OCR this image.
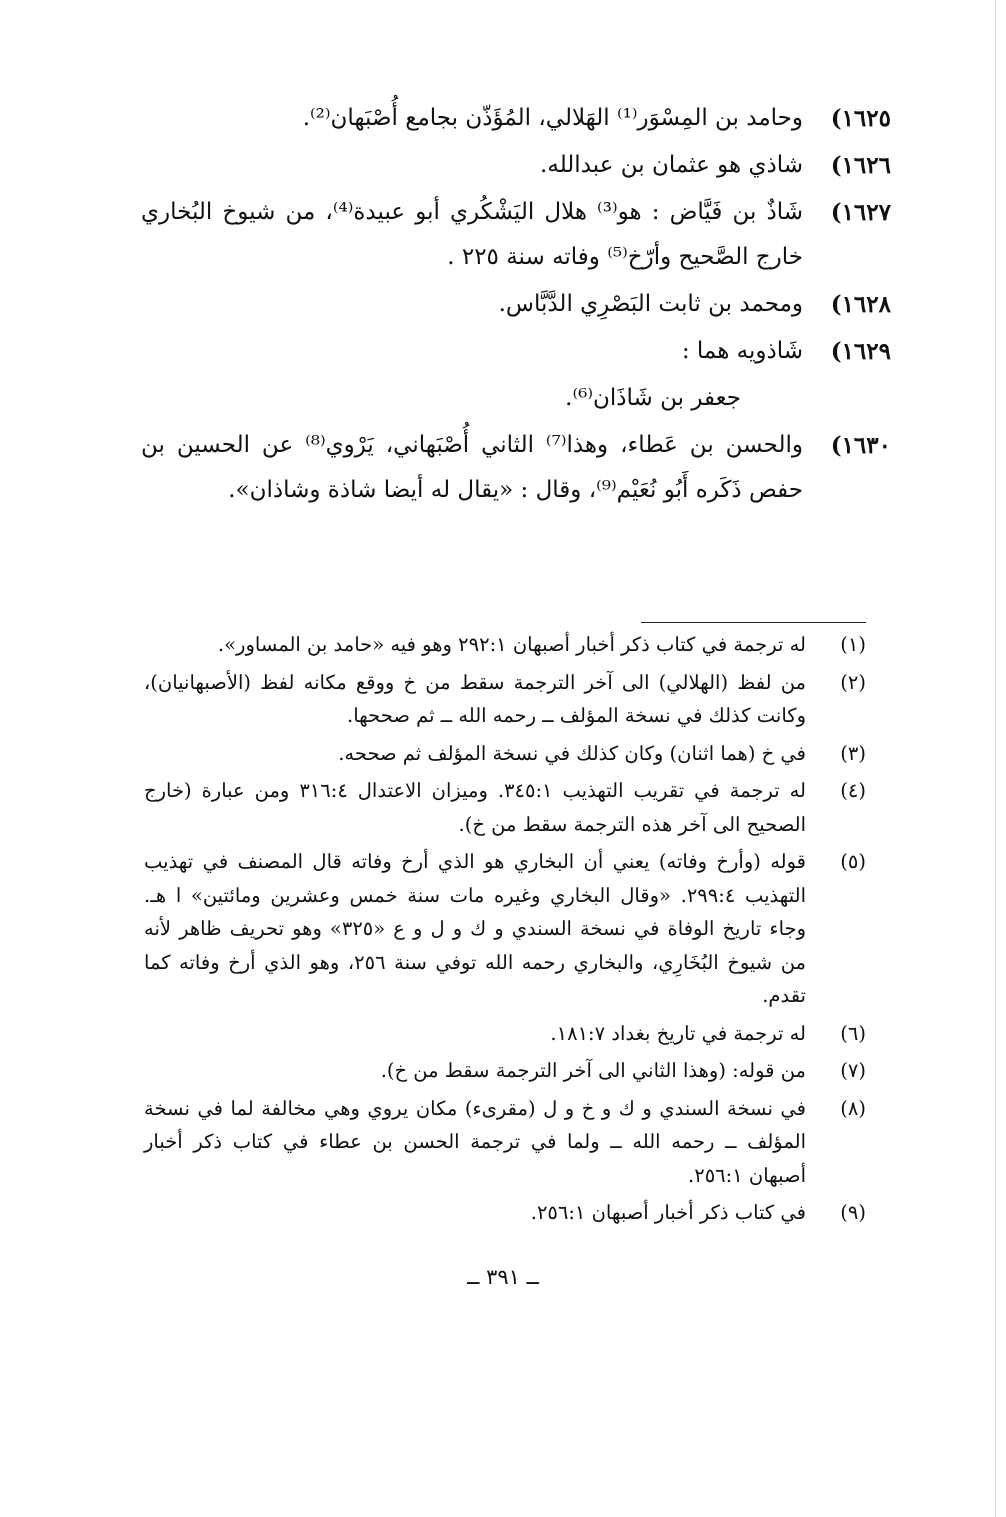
١٦٢٥)
وحامد بن المِسْوَر⁽¹⁾ الهَلالي، المُؤَذّن بجامع أُصْبَهان⁽²⁾.
١٦٢٦)
شاذي هو عثمان بن عبدالله.
١٦٢٧)
شَاذٌ بن فَيَّاض : هو⁽³⁾ هلال اليَشْكُري أبو عبيدة⁽⁴⁾، من شيوخ البُخاري خارج الصَّحيح وأرّخ⁽⁵⁾ وفاته سنة ٢٢٥ .
١٦٢٨)
ومحمد بن ثابت البَصْرِي الدَّبَّاس.
١٦٢٩)
شَاذويه هما :
جعفر بن شَاذَان⁽⁶⁾.
١٦٣٠)
والحسن بن عَطاء، وهذا⁽⁷⁾ الثاني أُصْبَهاني، يَرْوي⁽⁸⁾ عن الحسين بن حفص ذَكَره أَبُو نُعَيْم⁽⁹⁾، وقال : «يقال له أيضا شاذة وشاذان».
(١)
له ترجمة في كتاب ذكر أخبار أصبهان ٢٩٢:١ وهو فيه «حامد بن المساور».
(٢)
من لفظ (الهلالي) الى آخر الترجمة سقط من خ ووقع مكانه لفظ (الأصبهانيان)، وكانت كذلك في نسخة المؤلف ــ رحمه الله ــ ثم صححها.
(٣)
في خ (هما اثنان) وكان كذلك في نسخة المؤلف ثم صححه.
(٤)
له ترجمة في تقريب التهذيب ٣٤٥:١. وميزان الاعتدال ٣١٦:٤ ومن عبارة (خارج الصحيح الى آخر هذه الترجمة سقط من خ).
(٥)
قوله (وأرخ وفاته) يعني أن البخاري هو الذي أرخ وفاته قال المصنف في تهذيب التهذيب ٢٩٩:٤. «وقال البخاري وغيره مات سنة خمس وعشرين ومائتين» ا هـ. وجاء تاريخ الوفاة في نسخة السندي و ك و ل و ع «٣٢٥» وهو تحريف ظاهر لأنه من شيوخ البُخَارِي، والبخاري رحمه الله توفي سنة ٢٥٦، وهو الذي أرخ وفاته كما تقدم.
(٦)
له ترجمة في تاريخ بغداد ١٨١:٧.
(٧)
من قوله: (وهذا الثاني الى آخر الترجمة سقط من خ).
(٨)
في نسخة السندي و ك و خ و ل (مقرىء) مكان يروي وهي مخالفة لما في نسخة المؤلف ــ رحمه الله ــ ولما في ترجمة الحسن بن عطاء في كتاب ذكر أخبار أصبهان ٢٥٦:١.
(٩)
في كتاب ذكر أخبار أصبهان ٢٥٦:١.
ــ ٣٩١ ــ
